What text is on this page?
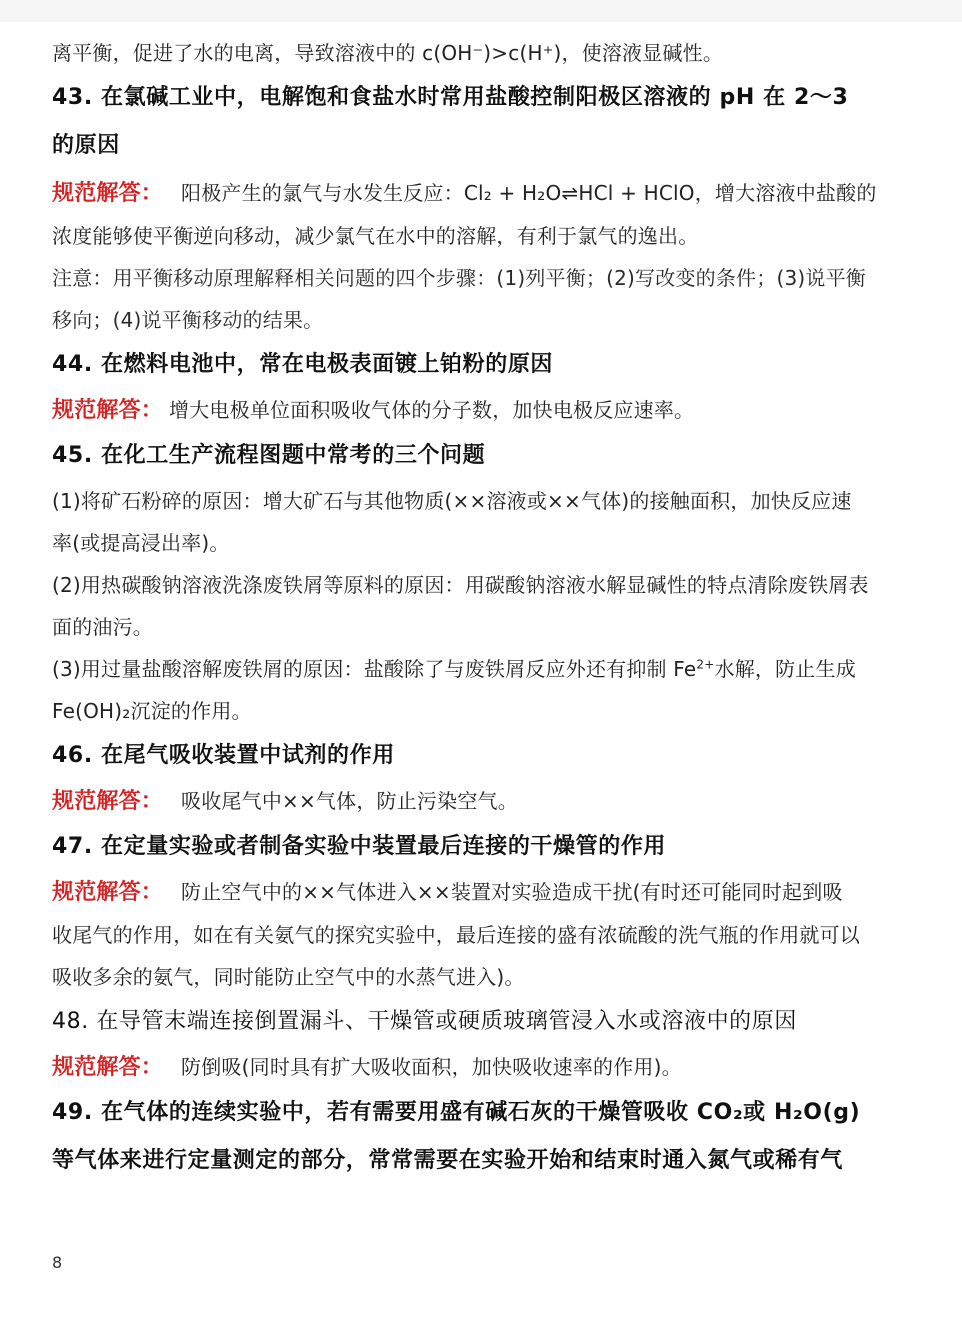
离平衡，促进了水的电离，导致溶液中的 c(OH⁻)>c(H⁺)，使溶液显碱性。
43. 在氯碱工业中，电解饱和食盐水时常用盐酸控制阳极区溶液的 pH 在 2～3
的原因
规范解答： 阳极产生的氯气与水发生反应：Cl₂ + H₂O⇌HCl + HClO，增大溶液中盐酸的
浓度能够使平衡逆向移动，减少氯气在水中的溶解，有利于氯气的逸出。
注意：用平衡移动原理解释相关问题的四个步骤：(1)列平衡；(2)写改变的条件；(3)说平衡
移向；(4)说平衡移动的结果。
44. 在燃料电池中，常在电极表面镀上铂粉的原因
规范解答： 增大电极单位面积吸收气体的分子数，加快电极反应速率。
45. 在化工生产流程图题中常考的三个问题
(1)将矿石粉碎的原因：增大矿石与其他物质(××溶液或××气体)的接触面积，加快反应速
率(或提高浸出率)。
(2)用热碳酸钠溶液洗涤废铁屑等原料的原因：用碳酸钠溶液水解显碱性的特点清除废铁屑表
面的油污。
(3)用过量盐酸溶解废铁屑的原因：盐酸除了与废铁屑反应外还有抑制 $Fe^{2+}$水解，防止生成
Fe(OH)₂沉淀的作用。
46. 在尾气吸收装置中试剂的作用
规范解答： 吸收尾气中××气体，防止污染空气。
47. 在定量实验或者制备实验中装置最后连接的干燥管的作用
规范解答： 防止空气中的××气体进入××装置对实验造成干扰(有时还可能同时起到吸
收尾气的作用，如在有关氨气的探究实验中，最后连接的盛有浓硫酸的洗气瓶的作用就可以
吸收多余的氨气，同时能防止空气中的水蒸气进入)。
48. 在导管末端连接倒置漏斗、干燥管或硬质玻璃管浸入水或溶液中的原因
规范解答： 防倒吸(同时具有扩大吸收面积，加快吸收速率的作用)。
49. 在气体的连续实验中，若有需要用盛有碱石灰的干燥管吸收 CO₂或 H₂O(g)
等气体来进行定量测定的部分，常常需要在实验开始和结束时通入氮气或稀有气
8
